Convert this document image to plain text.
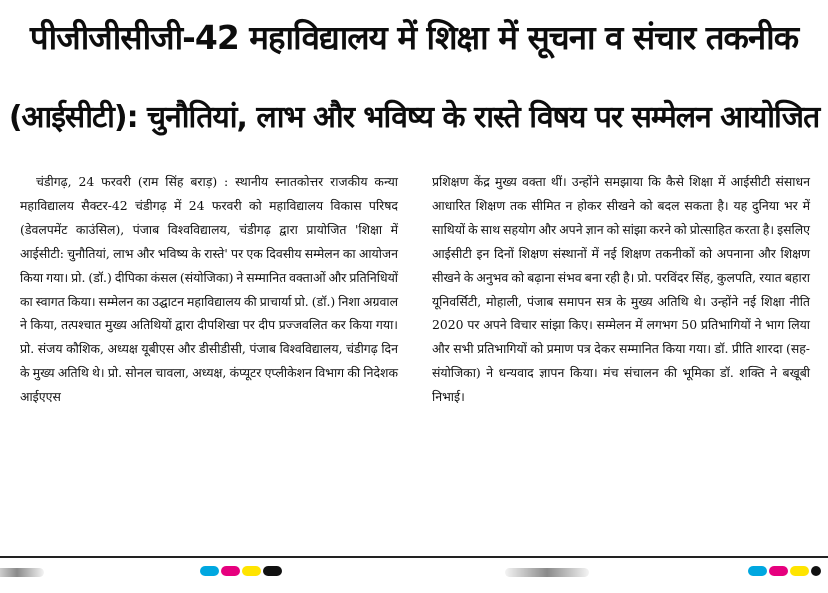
पीजीजीसीजी-42 महाविद्यालय में शिक्षा में सूचना व संचार तकनीक
(आईसीटी): चुनौतियां, लाभ और भविष्य के रास्ते विषय पर सम्मेलन आयोजित

चंडीगढ़, 24 फरवरी (राम सिंह बराड़) : स्थानीय स्नातकोत्तर राजकीय कन्या महाविद्यालय सैक्टर-42 चंडीगढ़ में 24 फरवरी को महाविद्यालय विकास परिषद (डेवलपमेंट काउंसिल), पंजाब विश्वविद्यालय, चंडीगढ़ द्वारा प्रायोजित 'शिक्षा में आईसीटी: चुनौतियां, लाभ और भविष्य के रास्ते' पर एक दिवसीय सम्मेलन का आयोजन किया गया। प्रो. (डॉ.) दीपिका कंसल (संयोजिका) ने सम्मानित वक्ताओं और प्रतिनिधियों का स्वागत किया। सम्मेलन का उद्घाटन महाविद्यालय की प्राचार्या प्रो. (डॉ.) निशा अग्रवाल ने किया, तत्पश्चात मुख्य अतिथियों द्वारा दीपशिखा पर दीप प्रज्जवलित कर किया गया। प्रो. संजय कौशिक, अध्यक्ष यूबीएस और डीसीडीसी, पंजाब विश्वविद्यालय, चंडीगढ़ दिन के मुख्य अतिथि थे। प्रो. सोनल चावला, अध्यक्ष, कंप्यूटर एप्लीकेशन विभाग की निदेशक आईएएस

प्रशिक्षण केंद्र मुख्य वक्ता थीं। उन्होंने समझाया कि कैसे शिक्षा में आईसीटी संसाधन आधारित शिक्षण तक सीमित न होकर सीखने को बदल सकता है। यह दुनिया भर में साथियों के साथ सहयोग और अपने ज्ञान को सांझा करने को प्रोत्साहित करता है। इसलिए आईसीटी इन दिनों शिक्षण संस्थानों में नई शिक्षण तकनीकों को अपनाना और शिक्षण सीखने के अनुभव को बढ़ाना संभव बना रही है। प्रो. परविंदर सिंह, कुलपति, रयात बहारा यूनिवर्सिटी, मोहाली, पंजाब समापन सत्र के मुख्य अतिथि थे। उन्होंने नई शिक्षा नीति 2020 पर अपने विचार सांझा किए। सम्मेलन में लगभग 50 प्रतिभागियों ने भाग लिया और सभी प्रतिभागियों को प्रमाण पत्र देकर सम्मानित किया गया। डॉ. प्रीति शारदा (सह-संयोजिका) ने धन्यवाद ज्ञापन किया। मंच संचालन की भूमिका डॉ. शक्ति ने बखूबी निभाई।
